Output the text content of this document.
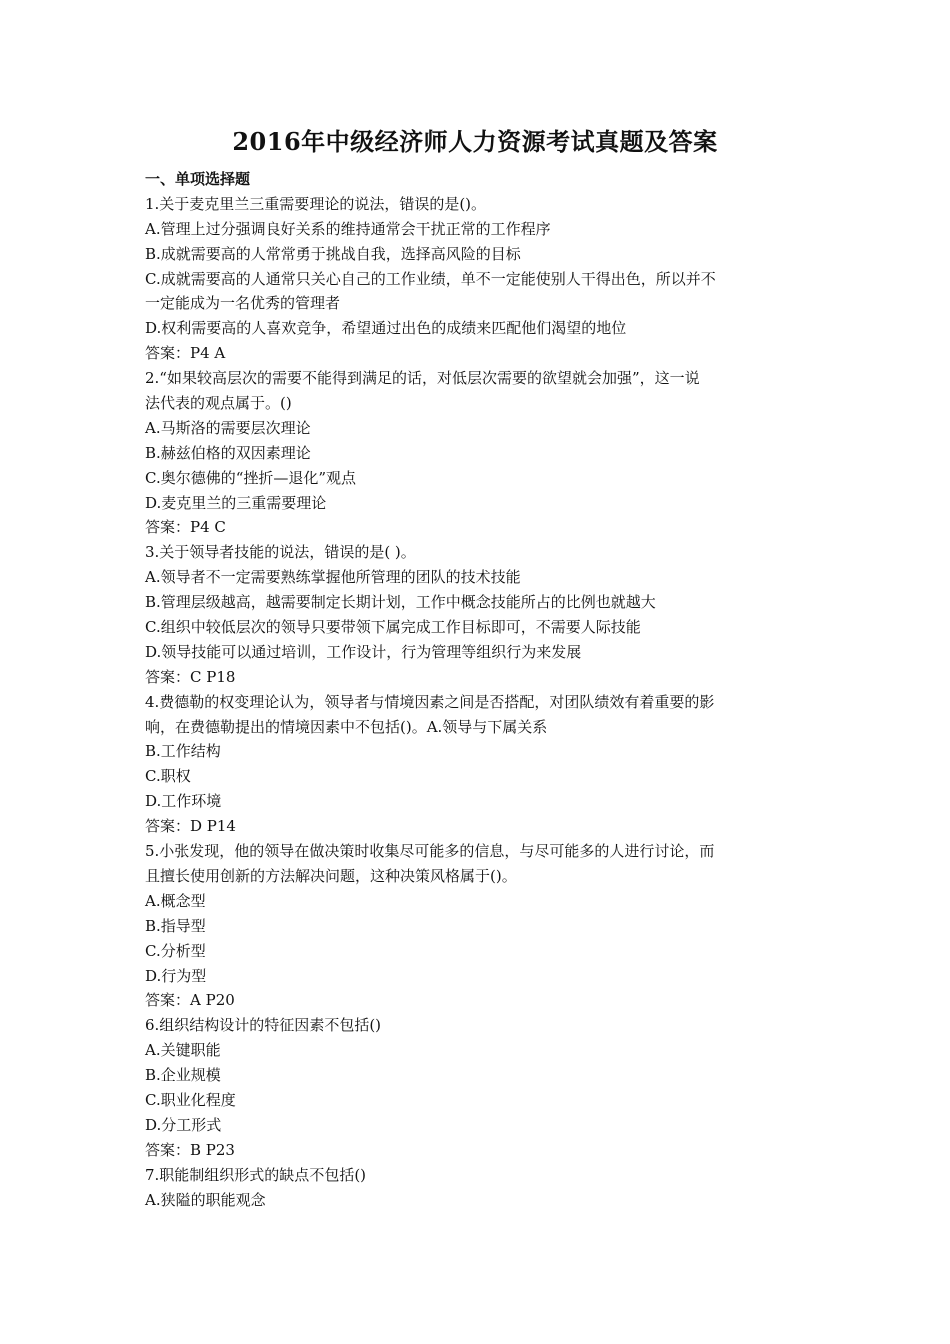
2016年中级经济师人力资源考试真题及答案
一、单项选择题
1.关于麦克里兰三重需要理论的说法，错误的是()。
A.管理上过分强调良好关系的维持通常会干扰正常的工作程序
B.成就需要高的人常常勇于挑战自我，选择高风险的目标
C.成就需要高的人通常只关心自己的工作业绩，单不一定能使别人干得出色，所以并不
一定能成为一名优秀的管理者
D.权利需要高的人喜欢竞争，希望通过出色的成绩来匹配他们渴望的地位
答案：P4 A
2.“如果较高层次的需要不能得到满足的话，对低层次需要的欲望就会加强”，这一说
法代表的观点属于。()
A.马斯洛的需要层次理论
B.赫兹伯格的双因素理论
C.奥尔德佛的“挫折—退化”观点
D.麦克里兰的三重需要理论
答案：P4 C
3.关于领导者技能的说法，错误的是( )。
A.领导者不一定需要熟练掌握他所管理的团队的技术技能
B.管理层级越高，越需要制定长期计划，工作中概念技能所占的比例也就越大
C.组织中较低层次的领导只要带领下属完成工作目标即可，不需要人际技能
D.领导技能可以通过培训，工作设计，行为管理等组织行为来发展
答案：C P18
4.费德勒的权变理论认为，领导者与情境因素之间是否搭配，对团队绩效有着重要的影
响，在费德勒提出的情境因素中不包括()。A.领导与下属关系
B.工作结构
C.职权
D.工作环境
答案：D P14
5.小张发现，他的领导在做决策时收集尽可能多的信息，与尽可能多的人进行讨论，而
且擅长使用创新的方法解决问题，这种决策风格属于()。
A.概念型
B.指导型
C.分析型
D.行为型
答案：A P20
6.组织结构设计的特征因素不包括()
A.关键职能
B.企业规模
C.职业化程度
D.分工形式
答案：B P23
7.职能制组织形式的缺点不包括()
A.狭隘的职能观念
